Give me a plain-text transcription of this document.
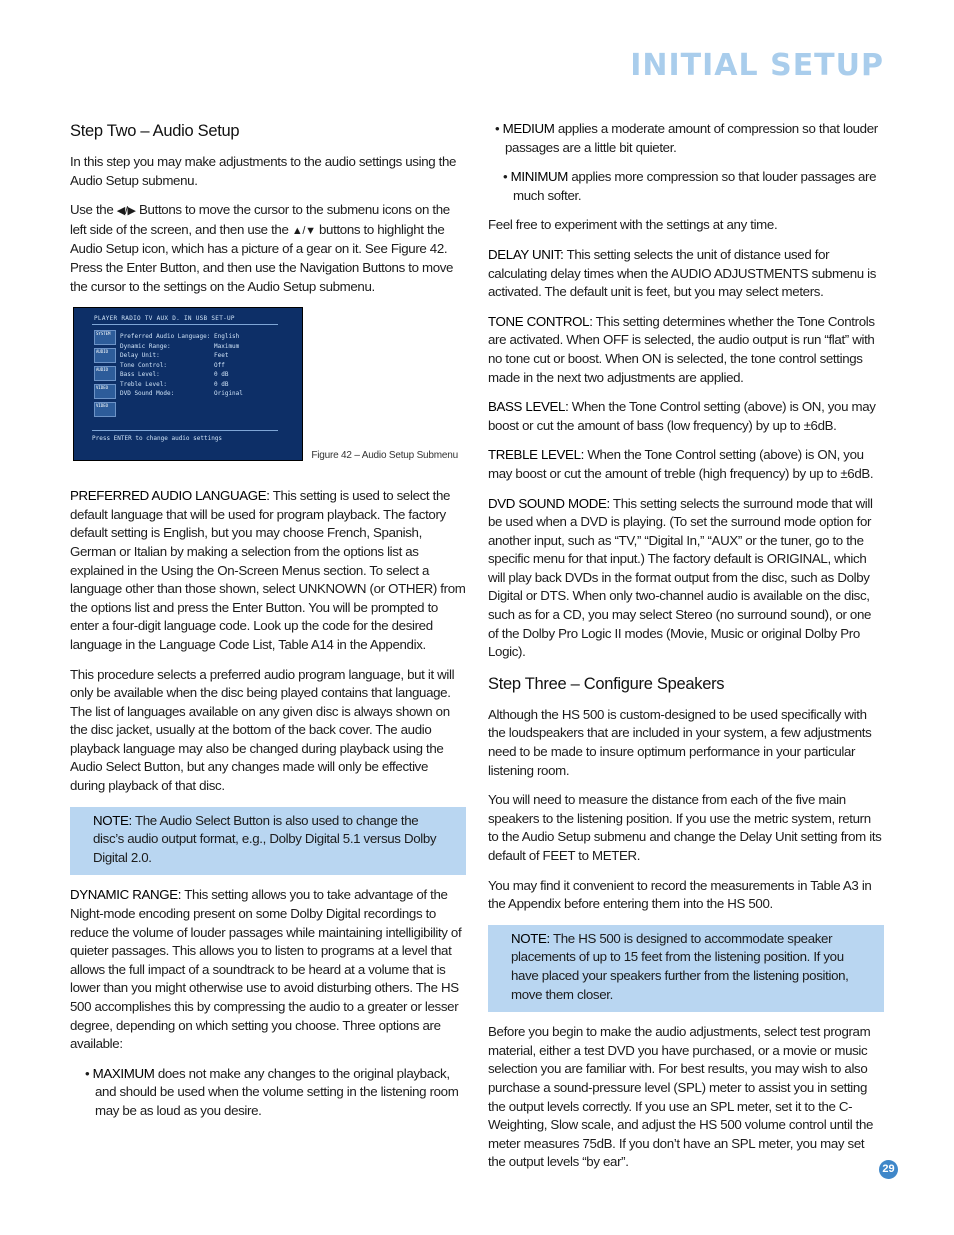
INITIAL SETUP
Step Two – Audio Setup

In this step you may make adjustments to the audio settings using the Audio Setup submenu.

Use the ◀/▶ Buttons to move the cursor to the submenu icons on the left side of the screen, and then use the ▲/▼ buttons to highlight the Audio Setup icon, which has a picture of a gear on it. See Figure 42. Press the Enter Button, and then use the Navigation Buttons to move the cursor to the settings on the Audio Setup submenu.

PLAYER RADIO TV AUX D. IN USB SET-UP
SYSTEM
AUDIO
AUDIO
VIDEO
VIDEO
Preferred Audio Language:
Dynamic Range:
Delay Unit:
Tone Control:
Bass Level:
Treble Level:
DVD Sound Mode:
English
Maximum
Feet
Off
0 dB
0 dB
Original
Press ENTER to change audio settings
Figure 42 – Audio Setup Submenu

PREFERRED AUDIO LANGUAGE: This setting is used to select the default language that will be used for program playback. The factory default setting is English, but you may choose French, Spanish, German or Italian by making a selection from the options list as explained in the Using the On-Screen Menus section. To select a language other than those shown, select UNKNOWN (or OTHER) from the options list and press the Enter Button. You will be prompted to enter a four-digit language code. Look up the code for the desired language in the Language Code List, Table A14 in the Appendix.

This procedure selects a preferred audio program language, but it will only be available when the disc being played contains that language. The list of languages available on any given disc is always shown on the disc jacket, usually at the bottom of the back cover. The audio playback language may also be changed during playback using the Audio Select Button, but any changes made will only be effective during playback of that disc.

NOTE: The Audio Select Button is also used to change the disc’s audio output format, e.g., Dolby Digital 5.1 versus Dolby Digital 2.0.

DYNAMIC RANGE: This setting allows you to take advantage of the Night-mode encoding present on some Dolby Digital recordings to reduce the volume of louder passages while maintaining intelligibility of quieter passages. This allows you to listen to programs at a level that allows the full impact of a soundtrack to be heard at a volume that is lower than you might otherwise use to avoid disturbing others. The HS 500 accomplishes this by compressing the audio to a greater or lesser degree, depending on which setting you choose. Three options are available:

• MAXIMUM does not make any changes to the original playback, and should be used when the volume setting in the listening room may be as loud as you desire.

• MEDIUM applies a moderate amount of compression so that louder passages are a little bit quieter.

• MINIMUM applies more compression so that louder passages are much softer.

Feel free to experiment with the settings at any time.

DELAY UNIT: This setting selects the unit of distance used for calculating delay times when the AUDIO ADJUSTMENTS submenu is activated. The default unit is feet, but you may select meters.

TONE CONTROL: This setting determines whether the Tone Controls are activated. When OFF is selected, the audio output is run “flat” with no tone cut or boost. When ON is selected, the tone control settings made in the next two adjustments are applied.

BASS LEVEL: When the Tone Control setting (above) is ON, you may boost or cut the amount of bass (low frequency) by up to ±6dB.

TREBLE LEVEL: When the Tone Control setting (above) is ON, you may boost or cut the amount of treble (high frequency) by up to ±6dB.

DVD SOUND MODE: This setting selects the surround mode that will be used when a DVD is playing. (To set the surround mode option for another input, such as “TV,” “Digital In,” “AUX” or the tuner, go to the specific menu for that input.) The factory default is ORIGINAL, which will play back DVDs in the format output from the disc, such as Dolby Digital or DTS. When only two-channel audio is available on the disc, such as for a CD, you may select Stereo (no surround sound), or one of the Dolby Pro Logic II modes (Movie, Music or original Dolby Pro Logic).

Step Three – Configure Speakers

Although the HS 500 is custom-designed to be used specifically with the loudspeakers that are included in your system, a few adjustments need to be made to insure optimum performance in your particular listening room.

You will need to measure the distance from each of the five main speakers to the listening position. If you use the metric system, return to the Audio Setup submenu and change the Delay Unit setting from its default of FEET to METER.

You may find it convenient to record the measurements in Table A3 in the Appendix before entering them into the HS 500.

NOTE: The HS 500 is designed to accommodate speaker placements of up to 15 feet from the listening position. If you have placed your speakers further from the listening position, move them closer.

Before you begin to make the audio adjustments, select test program material, either a test DVD you have purchased, or a movie or music selection you are familiar with. For best results, you may wish to also purchase a sound-pressure level (SPL) meter to assist you in setting the output levels correctly. If you use an SPL meter, set it to the C-Weighting, Slow scale, and adjust the HS 500 volume control until the meter measures 75dB. If you don’t have an SPL meter, you may set the output levels “by ear”.	29
